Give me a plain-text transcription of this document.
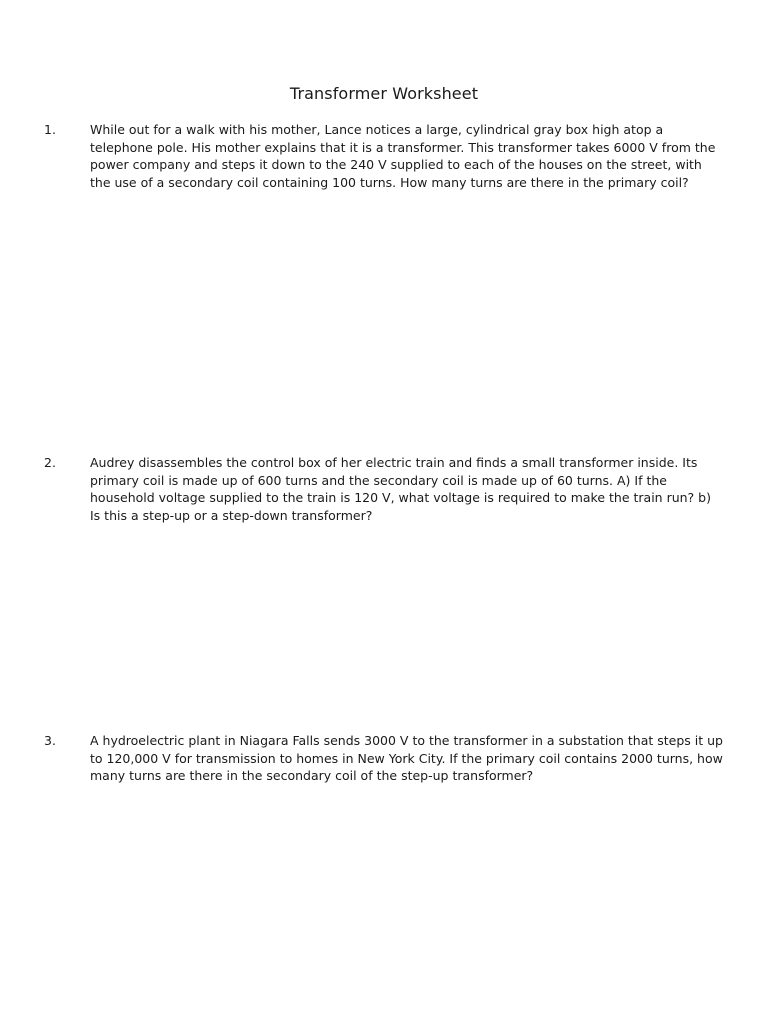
Transformer Worksheet
1.	While out for a walk with his mother, Lance notices a large, cylindrical gray box high atop a telephone pole. His mother explains that it is a transformer. This transformer takes 6000 V from the power company and steps it down to the 240 V supplied to each of the houses on the street, with the use of a secondary coil containing 100 turns. How many turns are there in the primary coil?

2.	Audrey disassembles the control box of her electric train and finds a small transformer inside. Its primary coil is made up of 600 turns and the secondary coil is made up of 60 turns. A) If the household voltage supplied to the train is 120 V, what voltage is required to make the train run? b) Is this a step-up or a step-down transformer?

3.	A hydroelectric plant in Niagara Falls sends 3000 V to the transformer in a substation that steps it up to 120,000 V for transmission to homes in New York City. If the primary coil contains 2000 turns, how many turns are there in the secondary coil of the step-up transformer?
